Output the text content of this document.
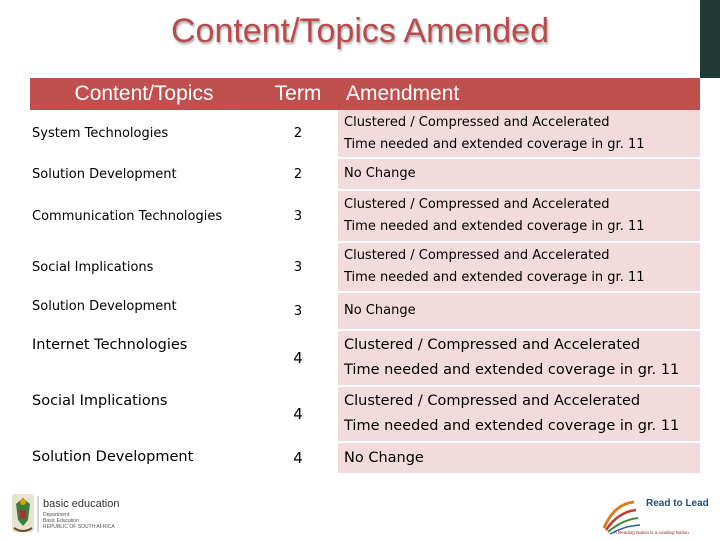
Content/Topics Amended
Content/Topics	Term	Amendment
System Technologies	2	Clustered / Compressed and Accelerated
Time needed and extended coverage in gr. 11

Solution Development	2	No Change

Communication Technologies	3	Clustered / Compressed and Accelerated
Time needed and extended coverage in gr. 11

Social Implications	3	Clustered / Compressed and Accelerated
Time needed and extended coverage in gr. 11

Solution Development	3	No Change

Internet Technologies	4	Clustered / Compressed and Accelerated
Time needed and extended coverage in gr. 11

Social Implications	4	Clustered / Compressed and Accelerated
Time needed and extended coverage in gr. 11

Solution Development	4	No Change
basic education
Department:
Basic Education
REPUBLIC OF SOUTH AFRICA
Read to Lead
A Reading Nation is a Leading Nation
